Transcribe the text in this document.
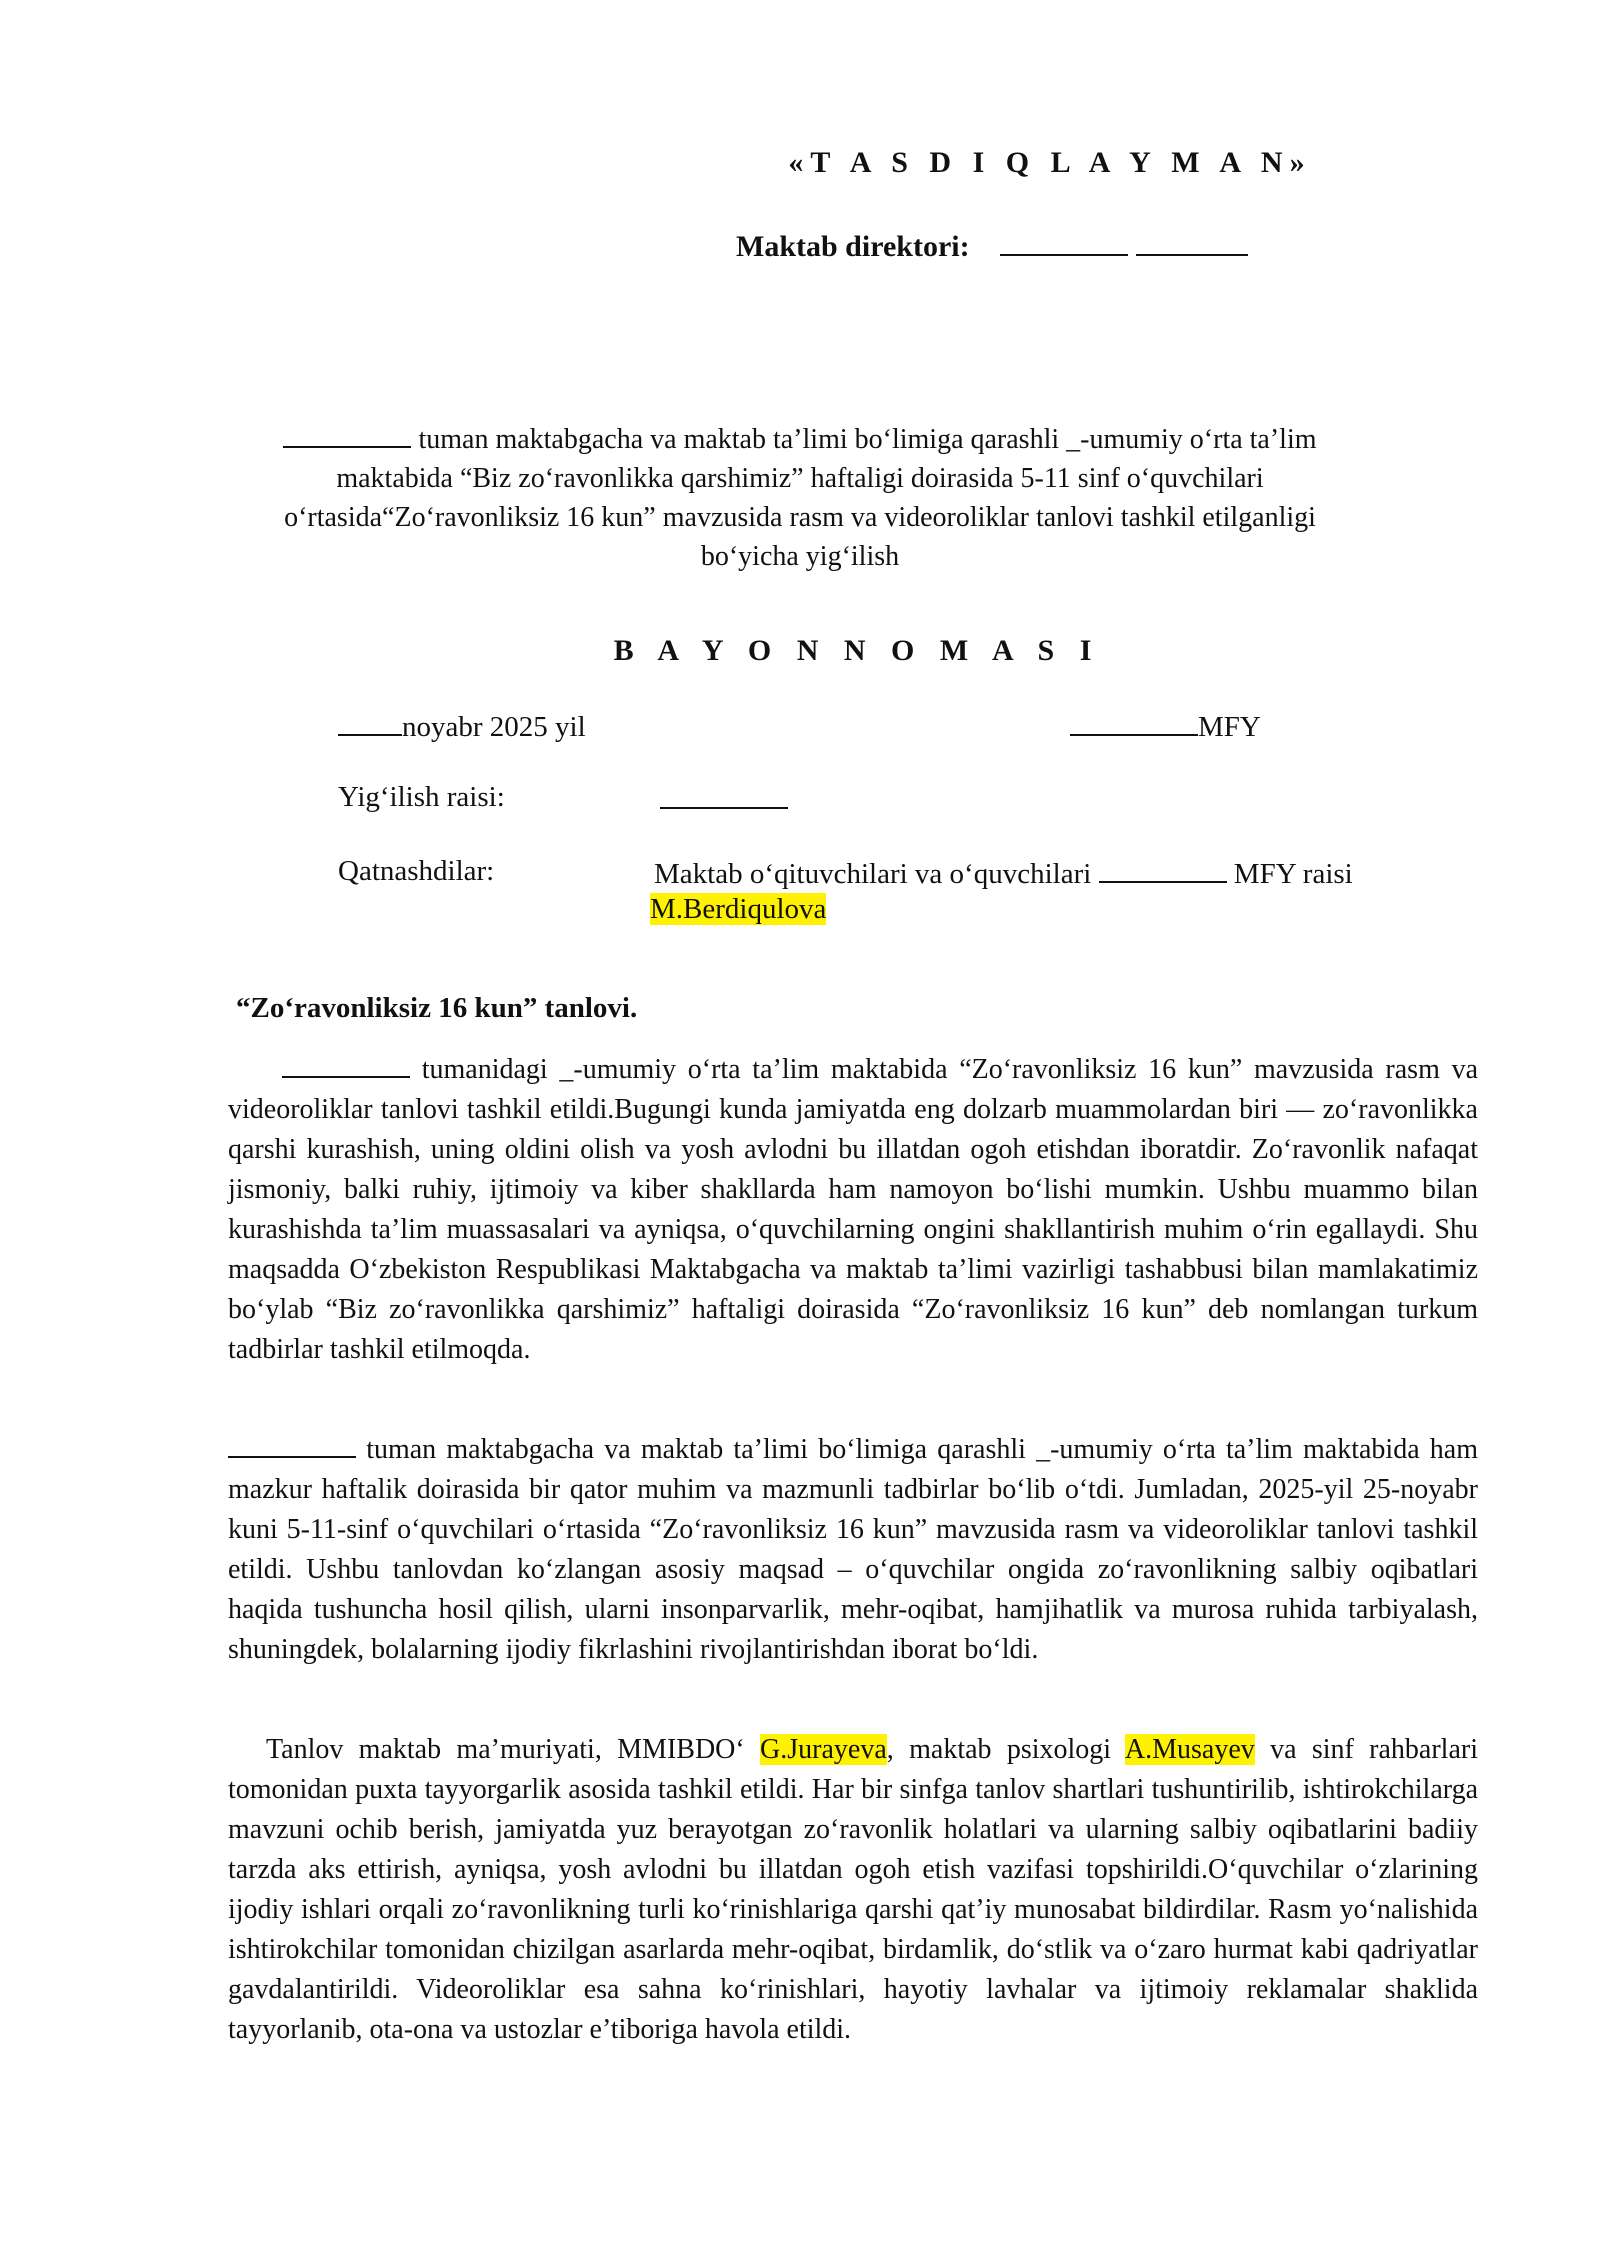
«T A S D I Q L A Y M A N»
Maktab direktori:
tuman maktabgacha va maktab ta’limi bo‘limiga qarashli _-umumiy o‘rta ta’lim
maktabida “Biz zo‘ravonlikka qarshimiz” haftaligi doirasida 5-11 sinf o‘quvchilari
o‘rtasida“Zo‘ravonliksiz 16 kun” mavzusida rasm va videoroliklar tanlovi tashkil etilganligi
bo‘yicha yig‘ilish
B A Y O N N O M A S I
noyabr 2025 yil	MFY
Yig‘ilish raisi:
Qatnashdilar:	Maktab o‘qituvchilari va o‘quvchilari	MFY raisi
M.Berdiqulova
“Zo‘ravonliksiz 16 kun” tanlovi.

tumanidagi _-umumiy o‘rta ta’lim maktabida “Zo‘ravonliksiz 16 kun” mavzusida rasm va videoroliklar tanlovi tashkil etildi.Bugungi kunda jamiyatda eng dolzarb muammolardan biri — zo‘ravonlikka qarshi kurashish, uning oldini olish va yosh avlodni bu illatdan ogoh etishdan iboratdir. Zo‘ravonlik nafaqat jismoniy, balki ruhiy, ijtimoiy va kiber shakllarda ham namoyon bo‘lishi mumkin. Ushbu muammo bilan kurashishda ta’lim muassasalari va ayniqsa, o‘quvchilarning ongini shakllantirish muhim o‘rin egallaydi. Shu maqsadda O‘zbekiston Respublikasi Maktabgacha va maktab ta’limi vazirligi tashabbusi bilan mamlakatimiz bo‘ylab “Biz zo‘ravonlikka qarshimiz” haftaligi doirasida “Zo‘ravonliksiz 16 kun” deb nomlangan turkum tadbirlar tashkil etilmoqda.

tuman maktabgacha va maktab ta’limi bo‘limiga qarashli _-umumiy o‘rta ta’lim maktabida ham mazkur haftalik doirasida bir qator muhim va mazmunli tadbirlar bo‘lib o‘tdi. Jumladan, 2025-yil 25-noyabr kuni 5-11-sinf o‘quvchilari o‘rtasida “Zo‘ravonliksiz 16 kun” mavzusida rasm va videoroliklar tanlovi tashkil etildi. Ushbu tanlovdan ko‘zlangan asosiy maqsad – o‘quvchilar ongida zo‘ravonlikning salbiy oqibatlari haqida tushuncha hosil qilish, ularni insonparvarlik, mehr-oqibat, hamjihatlik va murosa ruhida tarbiyalash, shuningdek, bolalarning ijodiy fikrlashini rivojlantirishdan iborat bo‘ldi.

Tanlov maktab ma’muriyati, MMIBDO‘ G.Jurayeva, maktab psixologi A.Musayev va sinf rahbarlari tomonidan puxta tayyorgarlik asosida tashkil etildi. Har bir sinfga tanlov shartlari tushuntirilib, ishtirokchilarga mavzuni ochib berish, jamiyatda yuz berayotgan zo‘ravonlik holatlari va ularning salbiy oqibatlarini badiiy tarzda aks ettirish, ayniqsa, yosh avlodni bu illatdan ogoh etish vazifasi topshirildi.O‘quvchilar o‘zlarining ijodiy ishlari orqali zo‘ravonlikning turli ko‘rinishlariga qarshi qat’iy munosabat bildirdilar. Rasm yo‘nalishida ishtirokchilar tomonidan chizilgan asarlarda mehr-oqibat, birdamlik, do‘stlik va o‘zaro hurmat kabi qadriyatlar gavdalantirildi. Videoroliklar esa sahna ko‘rinishlari, hayotiy lavhalar va ijtimoiy reklamalar shaklida tayyorlanib, ota-ona va ustozlar e’tiboriga havola etildi.
